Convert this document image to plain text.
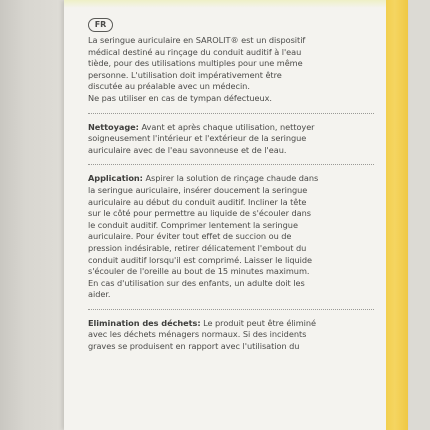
FR

La seringue auriculaire en SAROLIT® est un dispositif
médical destiné au rinçage du conduit auditif à l'eau
tiède, pour des utilisations multiples pour une même
personne. L'utilisation doit impérativement être
discutée au préalable avec un médecin.
Ne pas utiliser en cas de tympan défectueux.

Nettoyage: Avant et après chaque utilisation, nettoyer
soigneusement l'intérieur et l'extérieur de la seringue
auriculaire avec de l'eau savonneuse et de l'eau.

Application: Aspirer la solution de rinçage chaude dans
la seringue auriculaire, insérer doucement la seringue
auriculaire au début du conduit auditif. Incliner la tête
sur le côté pour permettre au liquide de s'écouler dans
le conduit auditif. Comprimer lentement la seringue
auriculaire. Pour éviter tout effet de succion ou de
pression indésirable, retirer délicatement l'embout du
conduit auditif lorsqu'il est comprimé. Laisser le liquide
s'écouler de l'oreille au bout de 15 minutes maximum.
En cas d'utilisation sur des enfants, un adulte doit les
aider.

Elimination des déchets: Le produit peut être éliminé
avec les déchets ménagers normaux. Si des incidents
graves se produisent en rapport avec l'utilisation du
